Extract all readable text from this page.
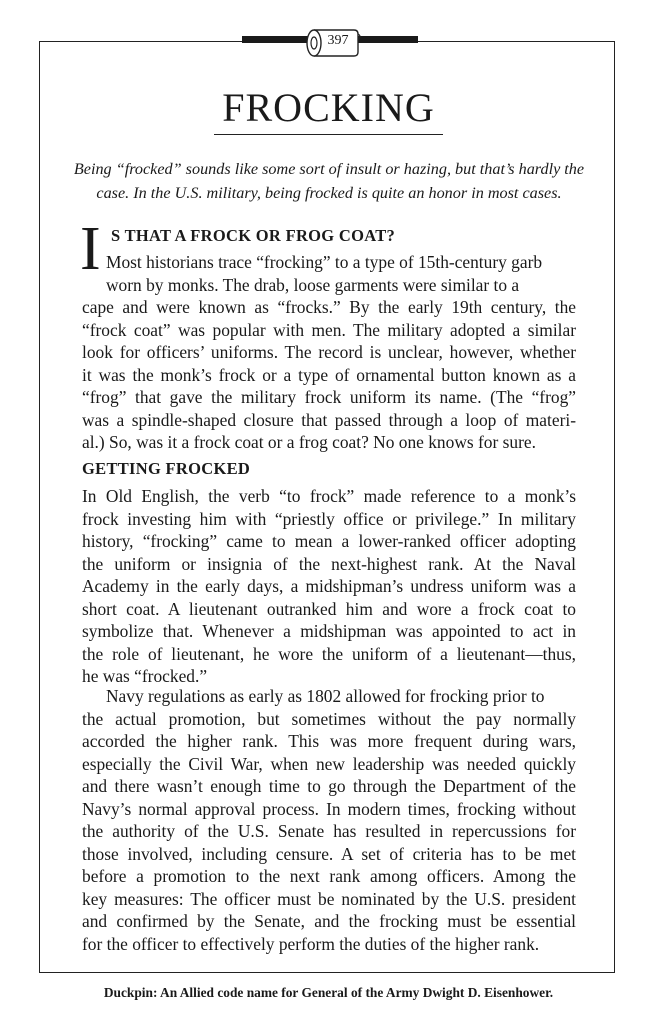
397
FROCKING

Being “frocked” sounds like some sort of insult or hazing, but that’s hardly the case. In the U.S. military, being frocked is quite an honor in most cases.

I S THAT A FROCK OR FROG COAT?
Most historians trace “frocking” to a type of 15th-century garb
worn by monks. The drab, loose garments were similar to a
cape and were known as “frocks.” By the early 19th century, the
“frock coat” was popular with men. The military adopted a similar
look for officers’ uniforms. The record is unclear, however, whether
it was the monk’s frock or a type of ornamental button known as a
“frog” that gave the military frock uniform its name. (The “frog”
was a spindle-shaped closure that passed through a loop of materi-
al.) So, was it a frock coat or a frog coat? No one knows for sure.
GETTING FROCKED
In Old English, the verb “to frock” made reference to a monk’s
frock investing him with “priestly office or privilege.” In military
history, “frocking” came to mean a lower-ranked officer adopting
the uniform or insignia of the next-highest rank. At the Naval
Academy in the early days, a midshipman’s undress uniform was a
short coat. A lieutenant outranked him and wore a frock coat to
symbolize that. Whenever a midshipman was appointed to act in
the role of lieutenant, he wore the uniform of a lieutenant—thus,
he was “frocked.”
Navy regulations as early as 1802 allowed for frocking prior to
the actual promotion, but sometimes without the pay normally
accorded the higher rank. This was more frequent during wars,
especially the Civil War, when new leadership was needed quickly
and there wasn’t enough time to go through the Department of the
Navy’s normal approval process. In modern times, frocking without
the authority of the U.S. Senate has resulted in repercussions for
those involved, including censure. A set of criteria has to be met
before a promotion to the next rank among officers. Among the
key measures: The officer must be nominated by the U.S. president
and confirmed by the Senate, and the frocking must be essential
for the officer to effectively perform the duties of the higher rank.
Duckpin: An Allied code name for General of the Army Dwight D. Eisenhower.
